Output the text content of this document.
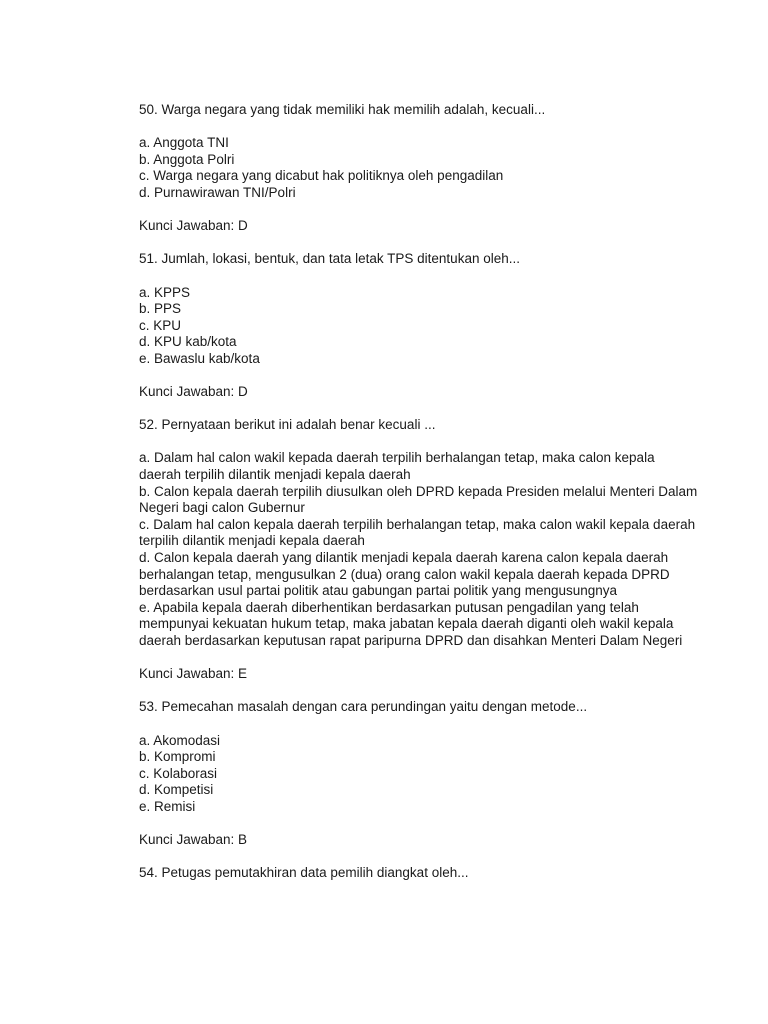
50. Warga negara yang tidak memiliki hak memilih adalah, kecuali...

a. Anggota TNI
b. Anggota Polri
c. Warga negara yang dicabut hak politiknya oleh pengadilan
d. Purnawirawan TNI/Polri

Kunci Jawaban: D

51. Jumlah, lokasi, bentuk, dan tata letak TPS ditentukan oleh...

a. KPPS
b. PPS
c. KPU
d. KPU kab/kota
e. Bawaslu kab/kota

Kunci Jawaban: D

52. Pernyataan berikut ini adalah benar kecuali ...

a. Dalam hal calon wakil kepada daerah terpilih berhalangan tetap, maka calon kepala daerah terpilih dilantik menjadi kepala daerah
b. Calon kepala daerah terpilih diusulkan oleh DPRD kepada Presiden melalui Menteri Dalam Negeri bagi calon Gubernur
c. Dalam hal calon kepala daerah terpilih berhalangan tetap, maka calon wakil kepala daerah terpilih dilantik menjadi kepala daerah
d. Calon kepala daerah yang dilantik menjadi kepala daerah karena calon kepala daerah berhalangan tetap, mengusulkan 2 (dua) orang calon wakil kepala daerah kepada DPRD berdasarkan usul partai politik atau gabungan partai politik yang mengusungnya
e. Apabila kepala daerah diberhentikan berdasarkan putusan pengadilan yang telah mempunyai kekuatan hukum tetap, maka jabatan kepala daerah diganti oleh wakil kepala daerah berdasarkan keputusan rapat paripurna DPRD dan disahkan Menteri Dalam Negeri

Kunci Jawaban: E

53. Pemecahan masalah dengan cara perundingan yaitu dengan metode...

a. Akomodasi
b. Kompromi
c. Kolaborasi
d. Kompetisi
e. Remisi

Kunci Jawaban: B

54. Petugas pemutakhiran data pemilih diangkat oleh...
